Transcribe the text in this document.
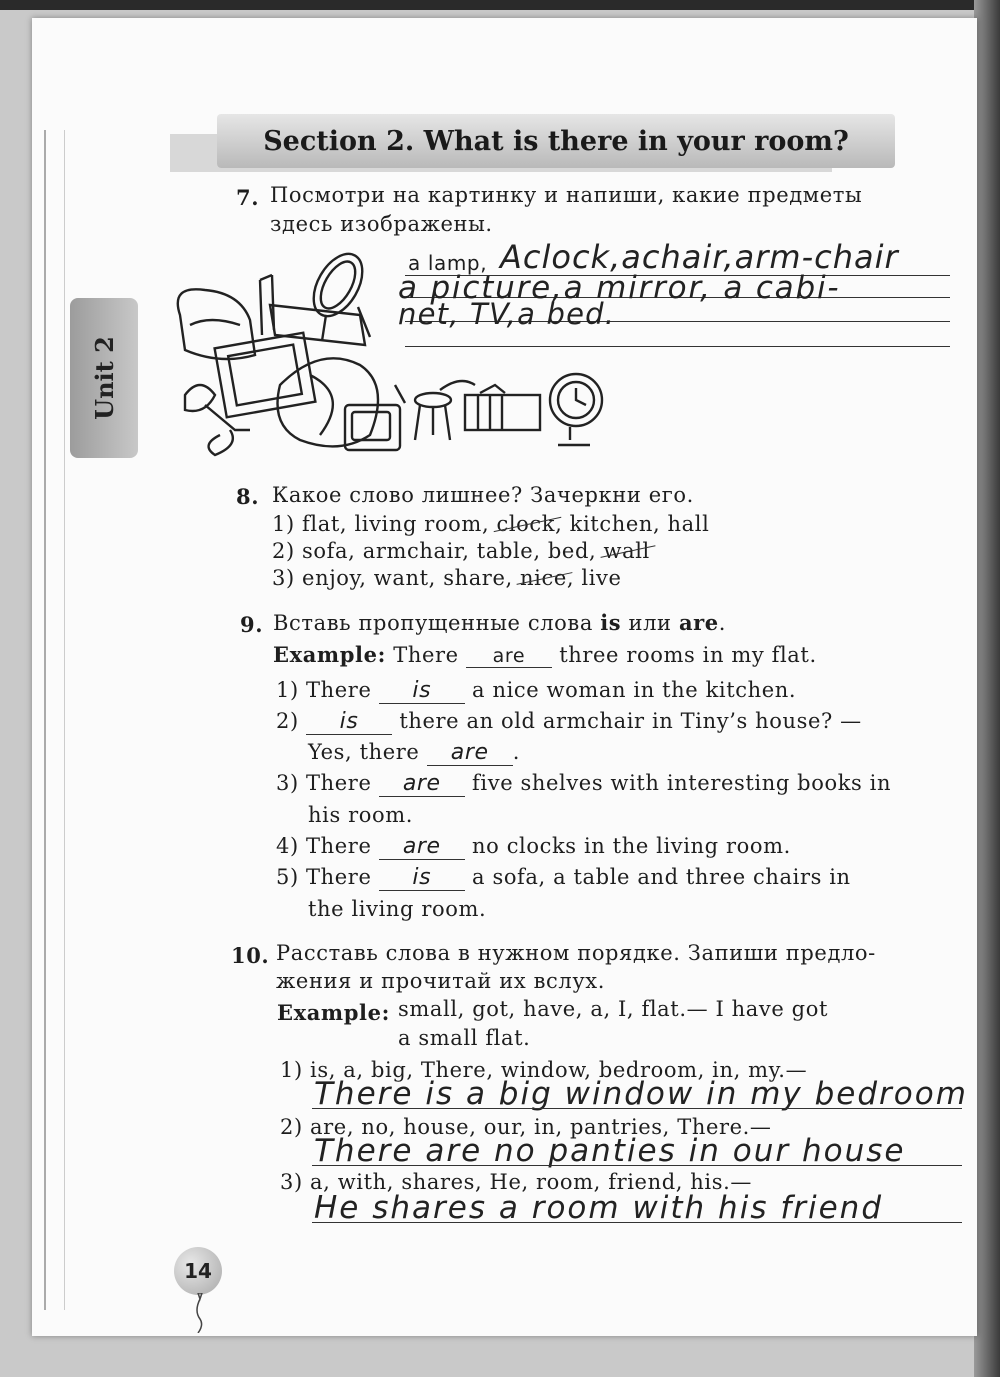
Unit 2
Section 2. What is there in your room?
7. Посмотри на картинку и напиши, какие предметы
здесь изображены.
a lamp, Aclock,achair,arm-chair
a picture,a mirror, a cabi-
net, TV,a bed.
8. Какое слово лишнее? Зачеркни его.
1) flat, living room, clock, kitchen, hall
2) sofa, armchair, table, bed, wall
3) enjoy, want, share, nice, live
9. Вставь пропущенные слова is или are.
Example: There are three rooms in my flat.
1) There is a nice woman in the kitchen.
2) is there an old armchair in Tiny’s house? —
Yes, there are .
3) There are five shelves with interesting books in
his room.
4) There are no clocks in the living room.
5) There is a sofa, a table and three chairs in
the living room.
10. Расставь слова в нужном порядке. Запиши предло-
жения и прочитай их вслух.
Example: small, got, have, a, I, flat.— I have got
a small flat.
1) is, a, big, There, window, bedroom, in, my.—
There is a big window in my bedroom
2) are, no, house, our, in, pantries, There.—
There are no panties in our house
3) a, with, shares, He, room, friend, his.—
He shares a room with his friend
14
